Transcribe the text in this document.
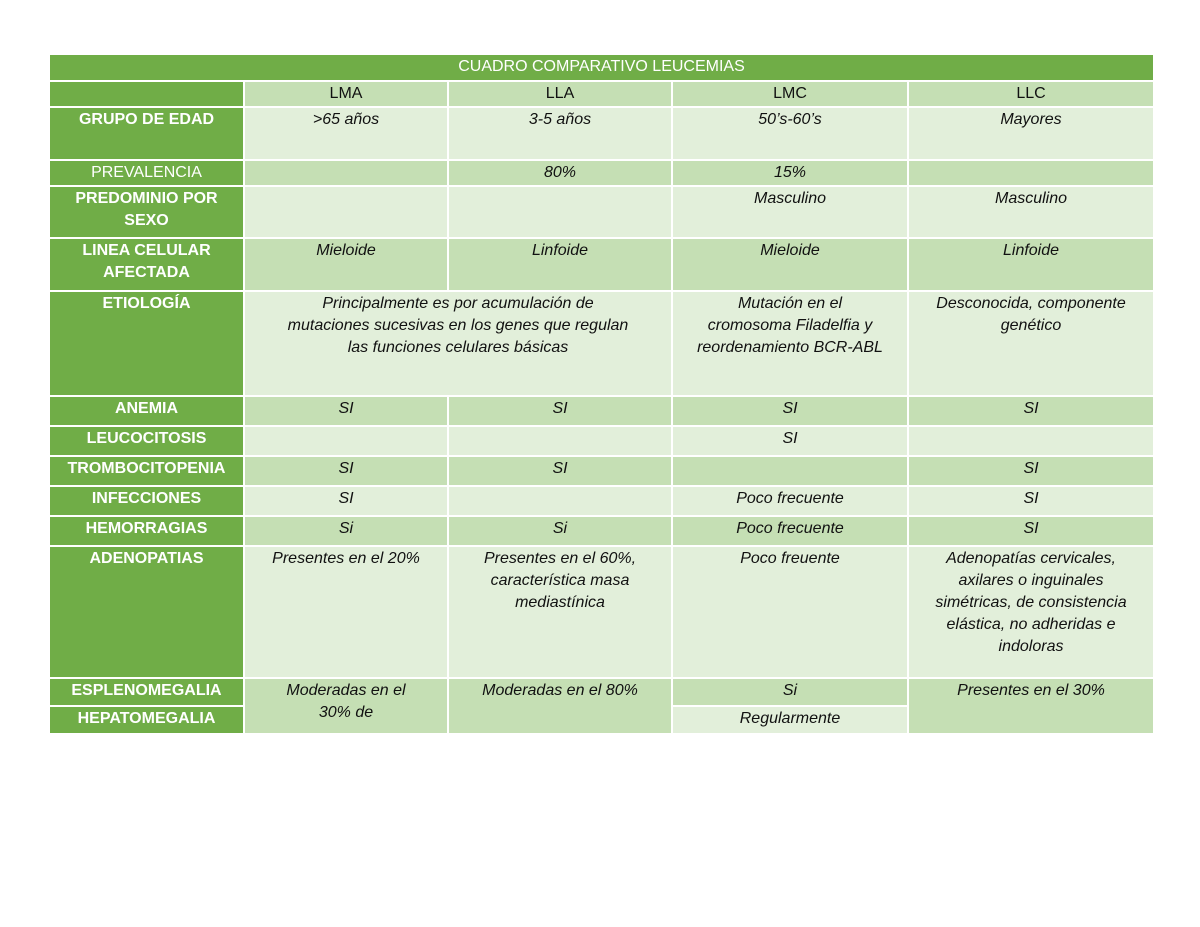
CUADRO COMPARATIVO LEUCEMIAS				
	LMA	LLA	LMC	LLC
GRUPO DE EDAD	>65 años	3-5 años	50’s-60’s	Mayores
PREVALENCIA		80%	15%	
PREDOMINIO POR SEXO			Masculino	Masculino
LINEA CELULAR AFECTADA	Mieloide	Linfoide	Mieloide	Linfoide
ETIOLOGÍA	Principalmente es por acumulación de mutaciones sucesivas en los genes que regulan las funciones celulares básicas		Mutación en el cromosoma Filadelfia y reordenamiento BCR-ABL	Desconocida, componente genético
ANEMIA	SI	SI	SI	SI
LEUCOCITOSIS			SI	
TROMBOCITOPENIA	SI	SI		SI
INFECCIONES	SI		Poco frecuente	SI
HEMORRAGIAS	Si	Si	Poco frecuente	SI
ADENOPATIAS	Presentes en el 20%	Presentes en el 60%, característica masa mediastínica	Poco freuente	Adenopatías cervicales, axilares o inguinales simétricas, de consistencia elástica, no adheridas e indoloras
ESPLENOMEGALIA	Moderadas en el 30% de	Moderadas en el 80%	Si	Presentes en el 30%
HEPATOMEGALIA			Regularmente	
